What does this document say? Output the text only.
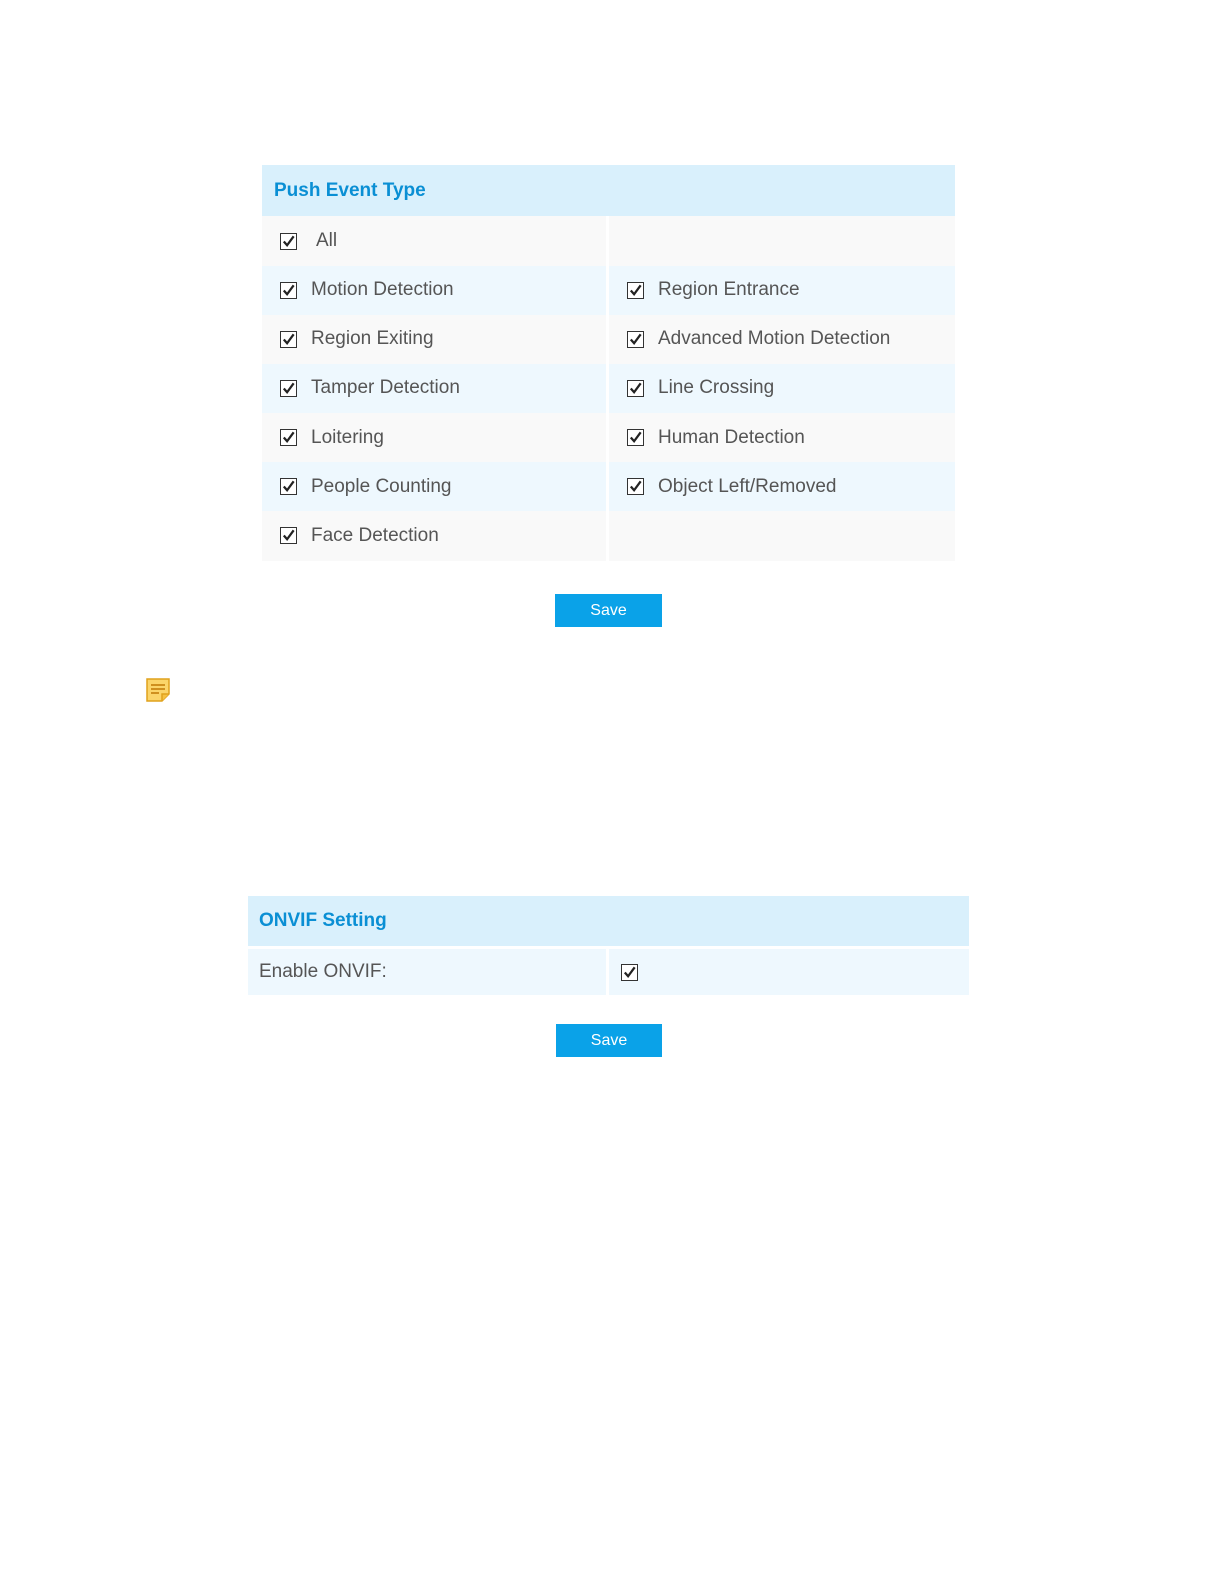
Push Event Type
All
Motion Detection	Region Entrance
Region Exiting	Advanced Motion Detection
Tamper Detection	Line Crossing
Loitering	Human Detection
People Counting	Object Left/Removed
Face Detection
Save
ONVIF Setting
Enable ONVIF:
Save
